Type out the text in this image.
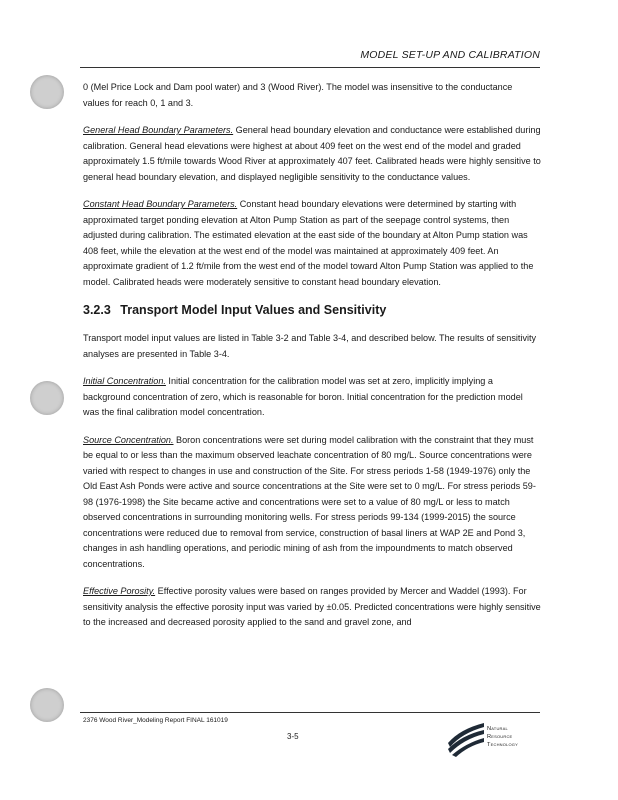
MODEL SET-UP AND CALIBRATION

0 (Mel Price Lock and Dam pool water) and 3 (Wood River). The model was insensitive to the conductance values for reach 0, 1 and 3.

General Head Boundary Parameters. General head boundary elevation and conductance were established during calibration. General head elevations were highest at about 409 feet on the west end of the model and graded approximately 1.5 ft/mile towards Wood River at approximately 407 feet. Calibrated heads were highly sensitive to general head boundary elevation, and displayed negligible sensitivity to the conductance values.

Constant Head Boundary Parameters. Constant head boundary elevations were determined by starting with approximated target ponding elevation at Alton Pump Station as part of the seepage control systems, then adjusted during calibration. The estimated elevation at the east side of the boundary at Alton Pump station was 408 feet, while the elevation at the west end of the model was maintained at approximately 409 feet. An approximate gradient of 1.2 ft/mile from the west end of the model toward Alton Pump Station was applied to the model. Calibrated heads were moderately sensitive to constant head boundary elevation.

3.2.3 Transport Model Input Values and Sensitivity

Transport model input values are listed in Table 3-2 and Table 3-4, and described below. The results of sensitivity analyses are presented in Table 3-4.

Initial Concentration. Initial concentration for the calibration model was set at zero, implicitly implying a background concentration of zero, which is reasonable for boron. Initial concentration for the prediction model was the final calibration model concentration.

Source Concentration. Boron concentrations were set during model calibration with the constraint that they must be equal to or less than the maximum observed leachate concentration of 80 mg/L. Source concentrations were varied with respect to changes in use and construction of the Site. For stress periods 1-58 (1949-1976) only the Old East Ash Ponds were active and source concentrations at the Site were set to 0 mg/L. For stress periods 59-98 (1976-1998) the Site became active and concentrations were set to a value of 80 mg/L or less to match observed concentrations in surrounding monitoring wells. For stress periods 99-134 (1999-2015) the source concentrations were reduced due to removal from service, construction of basal liners at WAP 2E and Pond 3, changes in ash handling operations, and periodic mining of ash from the impoundments to match observed concentrations.

Effective Porosity. Effective porosity values were based on ranges provided by Mercer and Waddel (1993). For sensitivity analysis the effective porosity input was varied by ±0.05. Predicted concentrations were highly sensitive to the increased and decreased porosity applied to the sand and gravel zone, and

2376 Wood River_Modeling Report FINAL 161019
3-5
Natural
Resource
Technology
